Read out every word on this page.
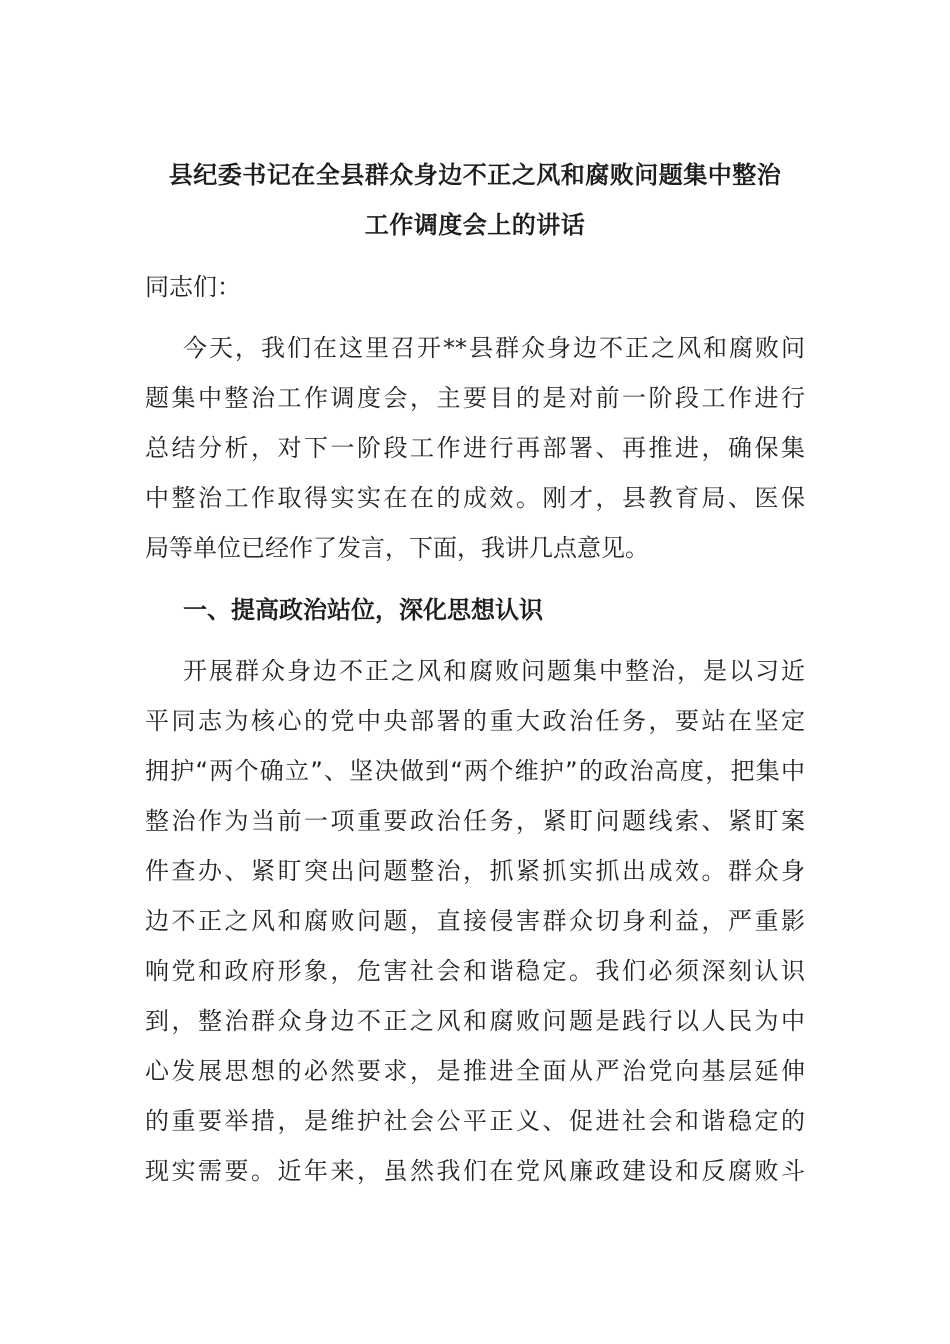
县纪委书记在全县群众身边不正之风和腐败问题集中整治
工作调度会上的讲话
同志们：
今天，我们在这里召开**县群众身边不正之风和腐败问
题集中整治工作调度会，主要目的是对前一阶段工作进行
总结分析，对下一阶段工作进行再部署、再推进，确保集
中整治工作取得实实在在的成效。刚才，县教育局、医保
局等单位已经作了发言，下面，我讲几点意见。
一、提高政治站位，深化思想认识
开展群众身边不正之风和腐败问题集中整治，是以习近
平同志为核心的党中央部署的重大政治任务，要站在坚定
拥护“两个确立”、坚决做到“两个维护”的政治高度，把集中
整治作为当前一项重要政治任务，紧盯问题线索、紧盯案
件查办、紧盯突出问题整治，抓紧抓实抓出成效。群众身
边不正之风和腐败问题，直接侵害群众切身利益，严重影
响党和政府形象，危害社会和谐稳定。我们必须深刻认识
到，整治群众身边不正之风和腐败问题是践行以人民为中
心发展思想的必然要求，是推进全面从严治党向基层延伸
的重要举措，是维护社会公平正义、促进社会和谐稳定的
现实需要。近年来，虽然我们在党风廉政建设和反腐败斗
